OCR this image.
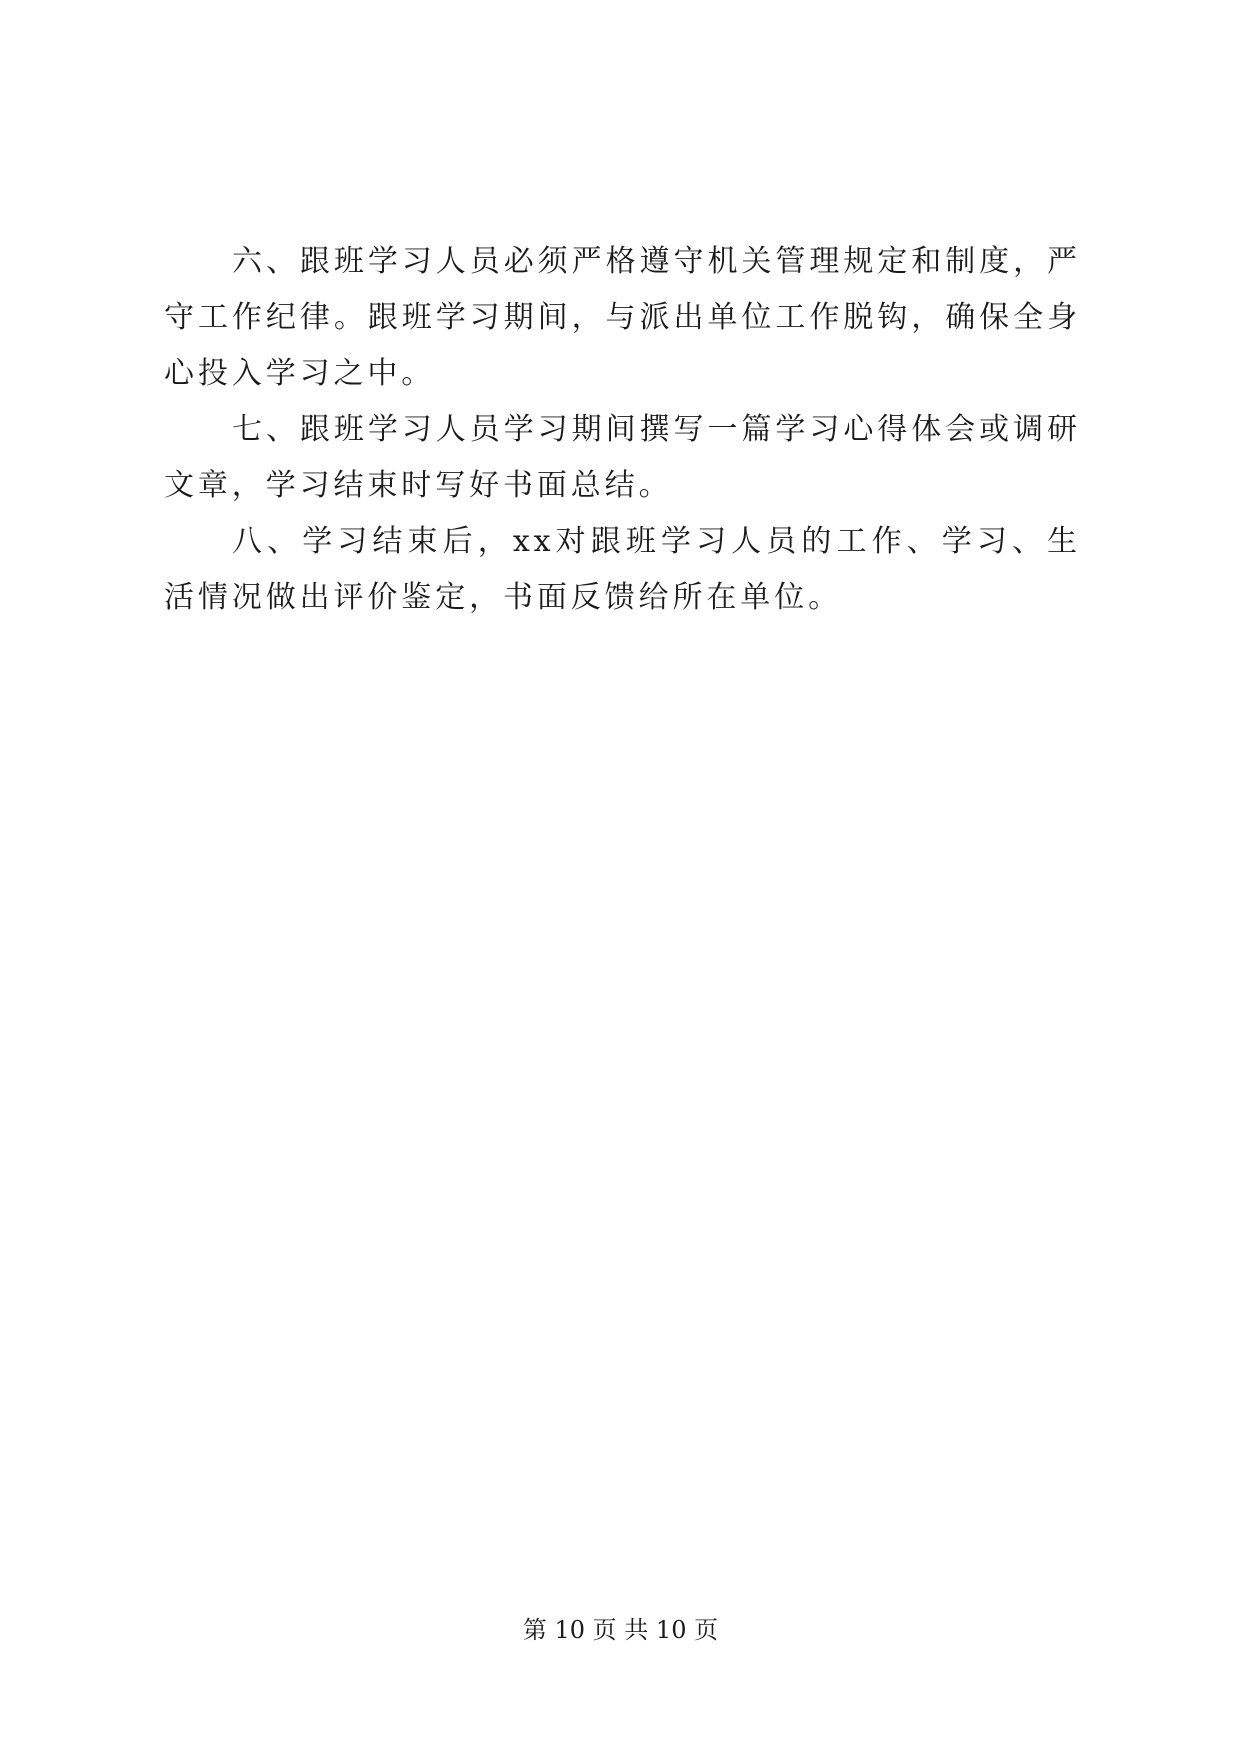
六、跟班学习人员必须严格遵守机关管理规定和制度，严守工作纪律。跟班学习期间，与派出单位工作脱钩，确保全身心投入学习之中。

七、跟班学习人员学习期间撰写一篇学习心得体会或调研文章，学习结束时写好书面总结。

八、学习结束后，xx对跟班学习人员的工作、学习、生活情况做出评价鉴定，书面反馈给所在单位。

第 10 页 共 10 页
